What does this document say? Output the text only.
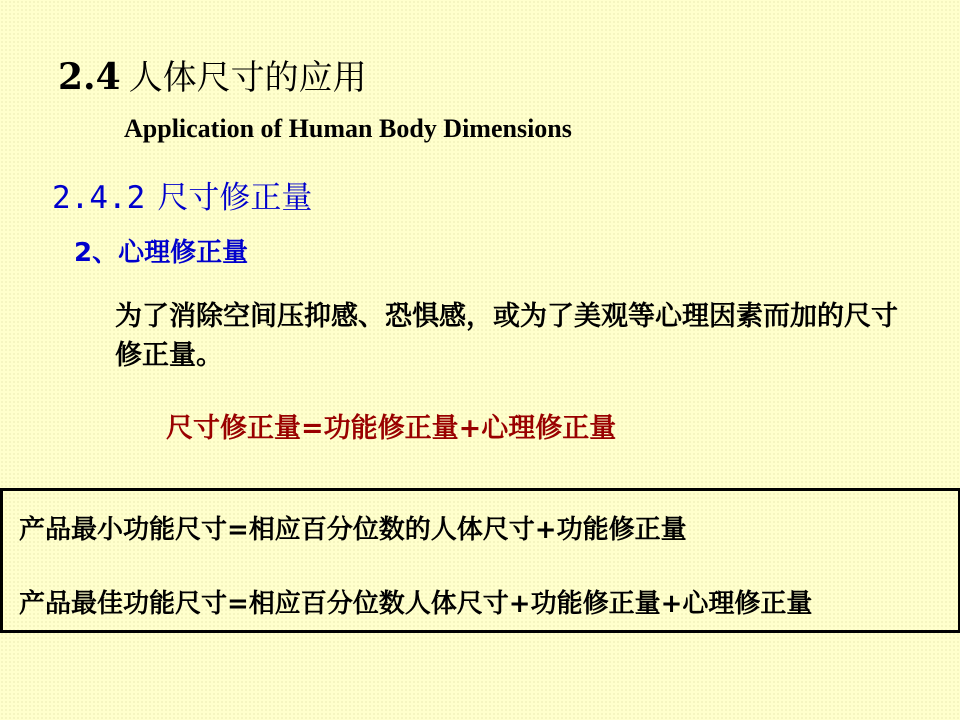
2.4 人体尺寸的应用
Application of Human Body Dimensions
2.4.2 尺寸修正量
2、心理修正量
为了消除空间压抑感、恐惧感，或为了美观等心理因素而加的尺寸修正量。
尺寸修正量=功能修正量+心理修正量
产品最小功能尺寸=相应百分位数的人体尺寸+功能修正量
产品最佳功能尺寸=相应百分位数人体尺寸+功能修正量+心理修正量
